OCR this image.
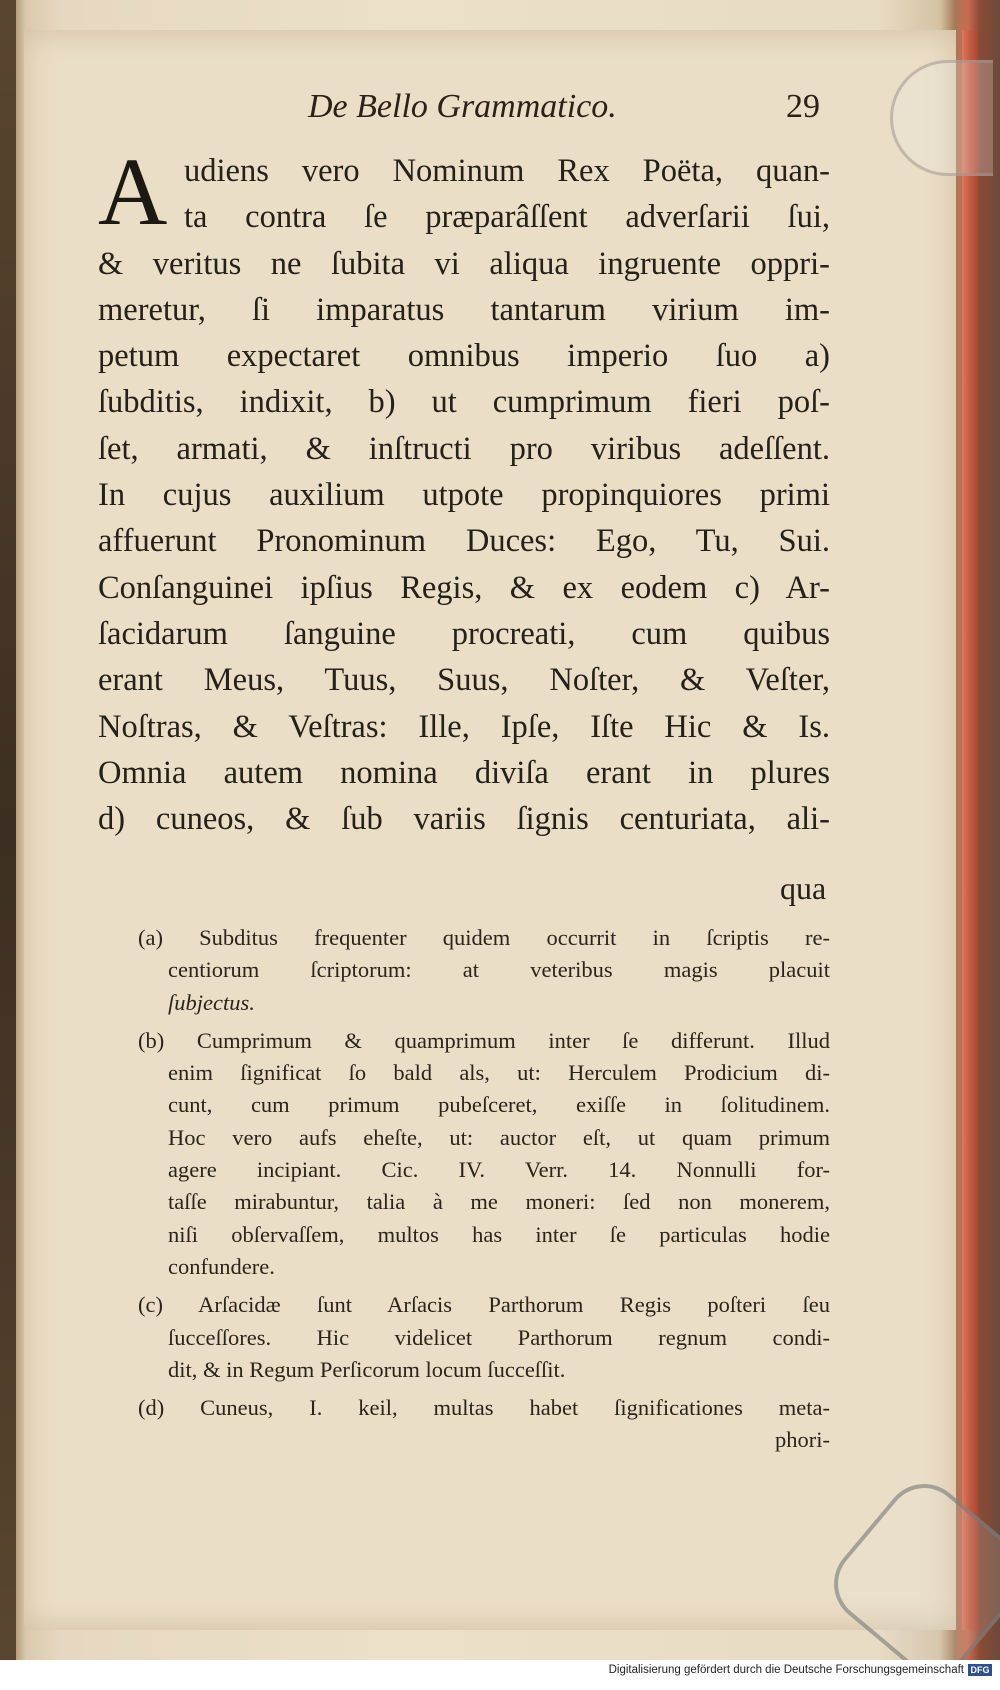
De Bello Grammatico.	29
A udiens vero Nominum Rex Poëta, quan-
ta contra ſe præparâſſent adverſarii ſui,
& veritus ne ſubita vi aliqua ingruente oppri-
meretur, ſi imparatus tantarum virium im-
petum expectaret omnibus imperio ſuo a)
ſubditis, indixit, b) ut cumprimum fieri poſ-
ſet, armati, & inſtructi pro viribus adeſſent.
In cujus auxilium utpote propinquiores primi
affuerunt Pronominum Duces: Ego, Tu, Sui.
Conſanguinei ipſius Regis, & ex eodem c) Ar-
ſacidarum ſanguine procreati, cum quibus
erant Meus, Tuus, Suus, Noſter, & Veſter,
Noſtras, & Veſtras: Ille, Ipſe, Iſte Hic & Is.
Omnia autem nomina diviſa erant in plures
d) cuneos, & ſub variis ſignis centuriata, ali-
qua
(a) Subditus frequenter quidem occurrit in ſcriptis re-
centiorum ſcriptorum: at veteribus magis placuit
ſubjectus.
(b) Cumprimum & quamprimum inter ſe differunt. Illud
enim ſignificat ſo bald als, ut: Herculem Prodicium di-
cunt, cum primum pubeſceret, exiſſe in ſolitudinem.
Hoc vero aufs eheſte, ut: auctor eſt, ut quam primum
agere incipiant. Cic. IV. Verr. 14. Nonnulli for-
taſſe mirabuntur, talia à me moneri: ſed non monerem,
niſi obſervaſſem, multos has inter ſe particulas hodie
confundere.
(c) Arſacidæ ſunt Arſacis Parthorum Regis poſteri ſeu
ſucceſſores. Hic videlicet Parthorum regnum condi-
dit, & in Regum Perſicorum locum ſucceſſit.
(d) Cuneus, I. keil, multas habet ſignificationes meta-
phori-
Digitalisierung gefördert durch die Deutsche Forschungsgemeinschaft DFG
